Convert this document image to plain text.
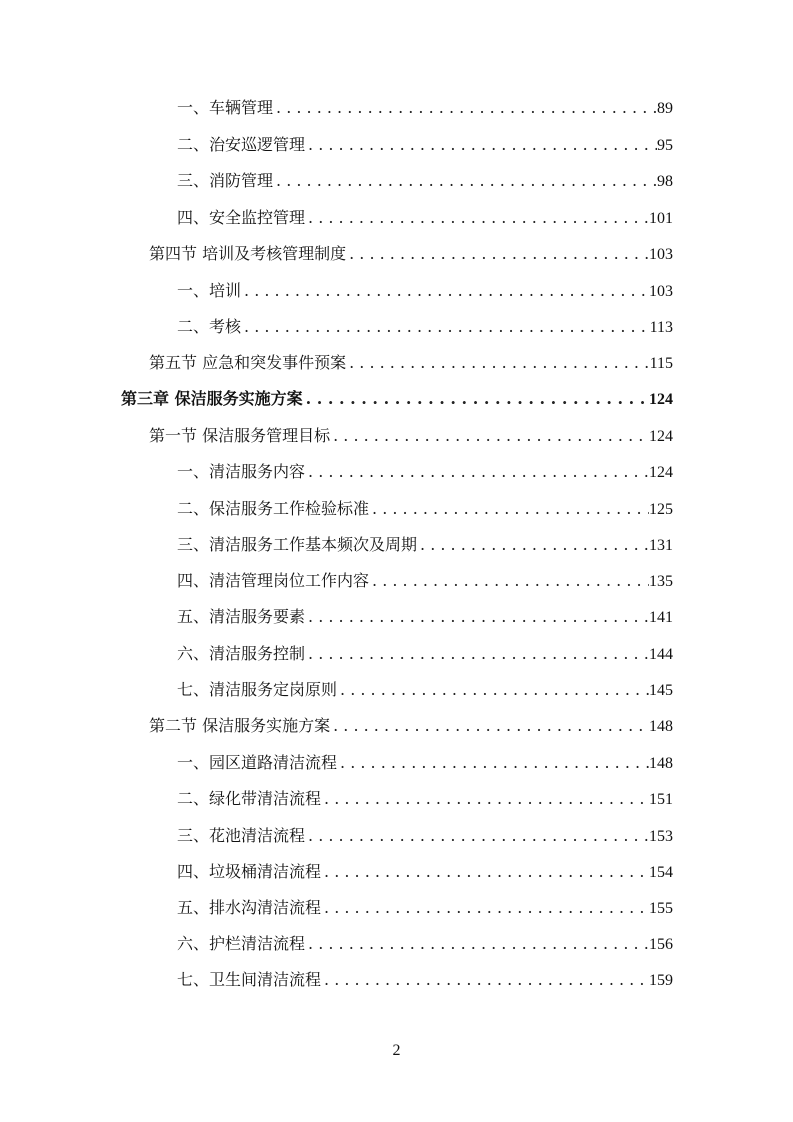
一、车辆管理 . . .	89
二、治安巡逻管理 . . .	95
三、消防管理 . . .	98
四、安全监控管理 . . .	101
第四节 培训及考核管理制度 . . .	103
一、培训 . . .	103
二、考核 . . .	113
第五节 应急和突发事件预案 . . .	115
第三章 保洁服务实施方案 . . .	124
第一节 保洁服务管理目标 . . .	124
一、清洁服务内容 . . .	124
二、保洁服务工作检验标准 . . .	125
三、清洁服务工作基本频次及周期 . . .	131
四、清洁管理岗位工作内容 . . .	135
五、清洁服务要素 . . .	141
六、清洁服务控制 . . .	144
七、清洁服务定岗原则 . . .	145
第二节 保洁服务实施方案 . . .	148
一、园区道路清洁流程 . . .	148
二、绿化带清洁流程 . . .	151
三、花池清洁流程 . . .	153
四、垃圾桶清洁流程 . . .	154
五、排水沟清洁流程 . . .	155
六、护栏清洁流程 . . .	156
七、卫生间清洁流程 . . .	159
2
